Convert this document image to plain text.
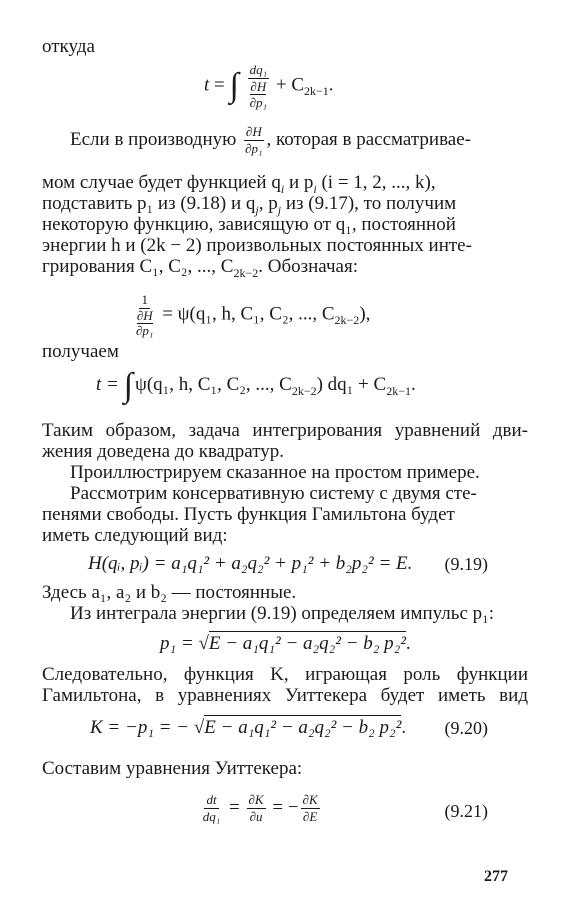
откуда
t = ∫ dq₁
∂H
$\partial p_1 + C_{2k-1}$.
Если в производную $\frac{\partial H}{\text{∂p₁}}$ , которая в рассматривае-
мом случае будет функцией $q_i$ и $p_i$ (i = 1, 2, ..., k),
подставить p₁ из (9.18) и $q_j$, $p_j$ из (9.17), то получим
некоторую функцию, зависящую от q₁, постоянной
энергии h и (2k − 2) произвольных постоянных инте-
грирования C₁, C₂, ..., $C_{2k-2}$. Обозначая:
1
∂H
∂p₁ = ψ(q₁, h, C₁, C₂, ..., $C_{2k-2}$),
получаем
t = ∫ ψ(q₁, h, C₁, C₂, ..., $C_{2k-2}$) $dq_1 + C_{2k-1}$.
Таким образом, задача интегрирования уравнений дви-
жения доведена до квадратур.
Проиллюстрируем сказанное на простом примере.
Рассмотрим консервативную систему с двумя сте-
пенями свободы. Пусть функция Гамильтона будет
иметь следующий вид:
H(qᵢ, pᵢ) = a₁q₁² + a₂q₂² + p₁² + b₂p₂² = E. (9.19)
Здесь a₁, a₂ и b₂ — постоянные.
Из интеграла энергии (9.19) определяем импульс p₁:
p₁ = √E − a₁q₁² − a₂q₂² − b₂ p₂².
Следовательно, функция K, играющая роль функции
Гамильтона, в уравнениях Уиттекера будет иметь вид
K = −p₁ = − √E − a₁q₁² − a₂q₂² − b₂ p₂². (9.20)
Составим уравнения Уиттекера:

$\frac{dt}{\text{dq₁}} = \frac{\partial K}{\partial u}$ = − $\frac{\partial K}{\partial E}$	(9.21)
277
